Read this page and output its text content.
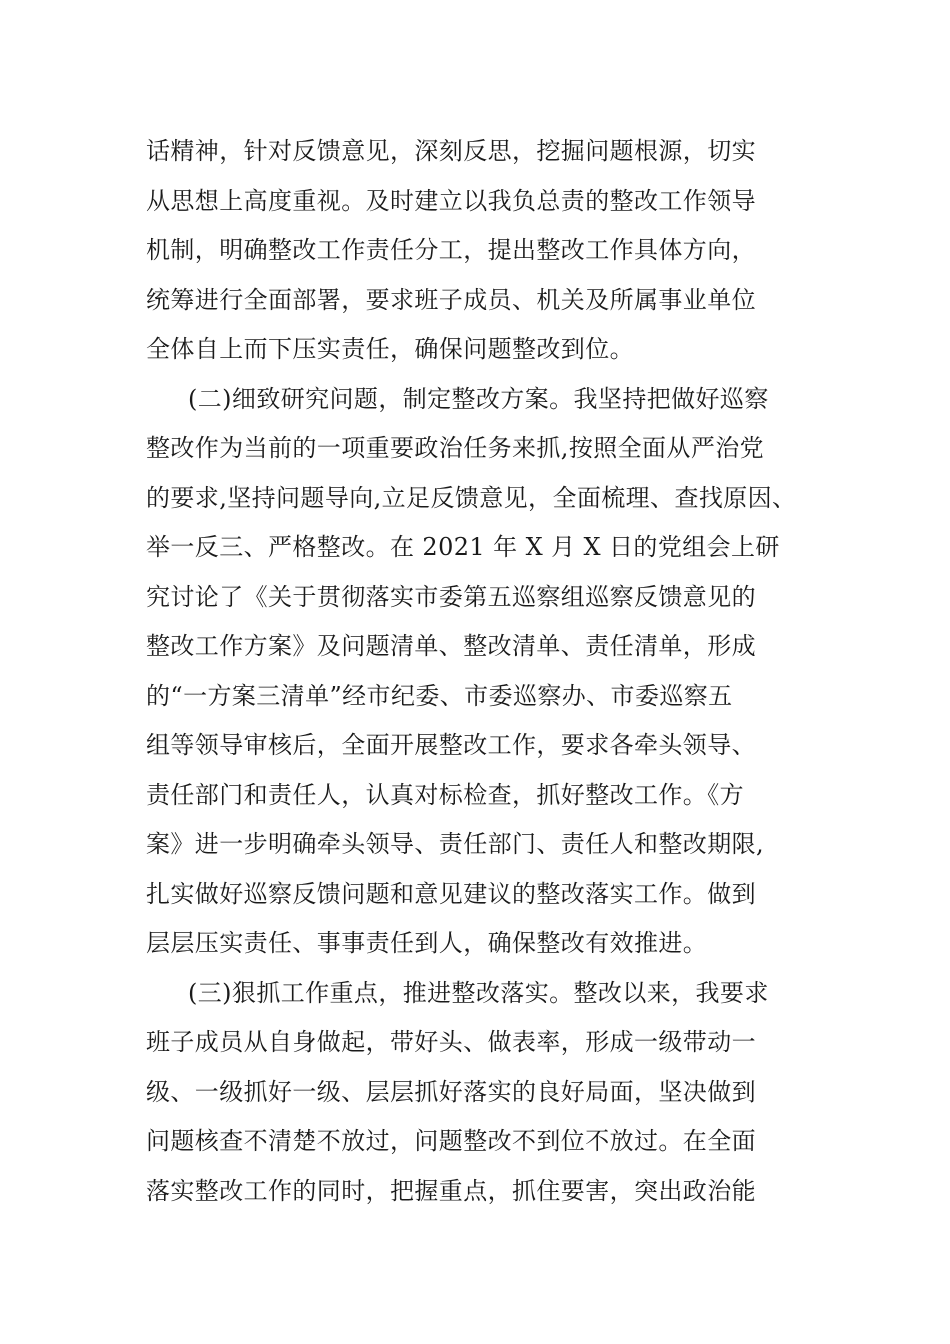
话精神，针对反馈意见，深刻反思，挖掘问题根源，切实
从思想上高度重视。及时建立以我负总责的整改工作领导
机制，明确整改工作责任分工，提出整改工作具体方向，
统筹进行全面部署，要求班子成员、机关及所属事业单位
全体自上而下压实责任，确保问题整改到位。
(二)细致研究问题，制定整改方案。我坚持把做好巡察
整改作为当前的一项重要政治任务来抓,按照全面从严治党
的要求,坚持问题导向,立足反馈意见，全面梳理、查找原因、
举一反三、严格整改。在 2021 年 X 月 X 日的党组会上研
究讨论了《关于贯彻落实市委第五巡察组巡察反馈意见的
整改工作方案》及问题清单、整改清单、责任清单，形成
的“一方案三清单”经市纪委、市委巡察办、市委巡察五
组等领导审核后，全面开展整改工作，要求各牵头领导、
责任部门和责任人，认真对标检查，抓好整改工作。《方
案》进一步明确牵头领导、责任部门、责任人和整改期限,
扎实做好巡察反馈问题和意见建议的整改落实工作。做到
层层压实责任、事事责任到人，确保整改有效推进。
(三)狠抓工作重点，推进整改落实。整改以来，我要求
班子成员从自身做起，带好头、做表率，形成一级带动一
级、一级抓好一级、层层抓好落实的良好局面，坚决做到
问题核查不清楚不放过，问题整改不到位不放过。在全面
落实整改工作的同时，把握重点，抓住要害，突出政治能
